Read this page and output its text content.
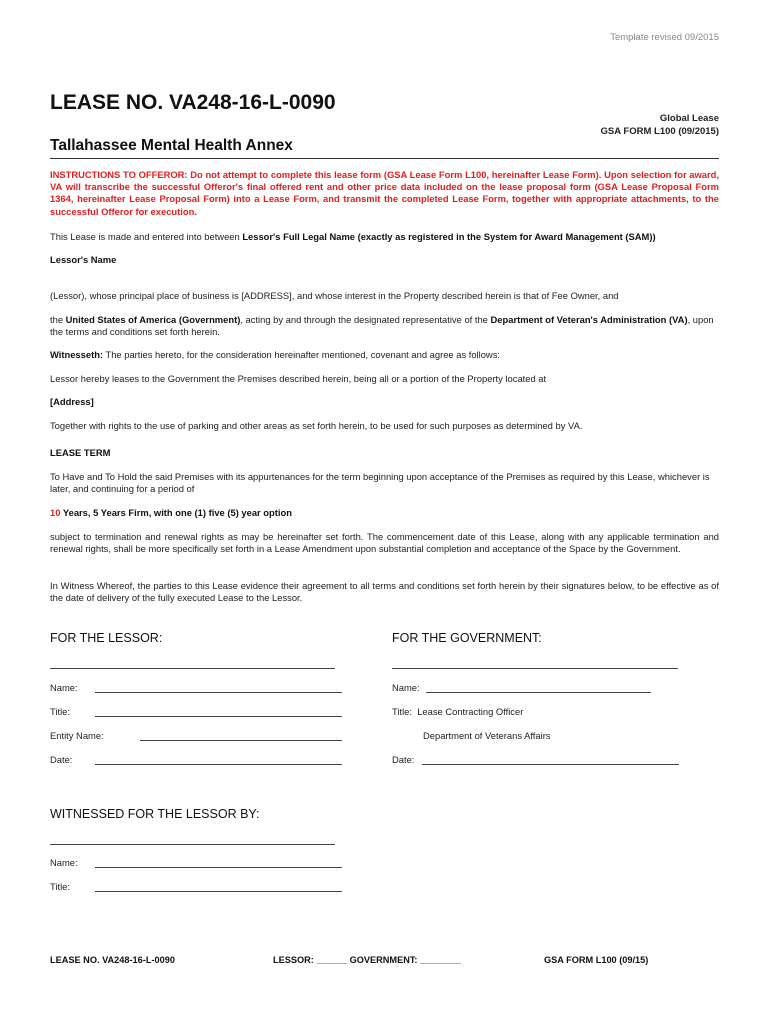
Template revised 09/2015
LEASE NO. VA248-16-L-0090
Global Lease
GSA FORM L100 (09/2015)
Tallahassee Mental Health Annex
INSTRUCTIONS TO OFFEROR: Do not attempt to complete this lease form (GSA Lease Form L100, hereinafter Lease Form). Upon selection for award, VA will transcribe the successful Offeror's final offered rent and other price data included on the lease proposal form (GSA Lease Proposal Form 1364, hereinafter Lease Proposal Form) into a Lease Form, and transmit the completed Lease Form, together with appropriate attachments, to the successful Offeror for execution.
This Lease is made and entered into between Lessor's Full Legal Name (exactly as registered in the System for Award Management (SAM))
Lessor's Name
(Lessor), whose principal place of business is [ADDRESS], and whose interest in the Property described herein is that of Fee Owner, and
the United States of America (Government), acting by and through the designated representative of the Department of Veteran's Administration (VA), upon the terms and conditions set forth herein.
Witnesseth: The parties hereto, for the consideration hereinafter mentioned, covenant and agree as follows:
Lessor hereby leases to the Government the Premises described herein, being all or a portion of the Property located at
[Address]
Together with rights to the use of parking and other areas as set forth herein, to be used for such purposes as determined by VA.
LEASE TERM
To Have and To Hold the said Premises with its appurtenances for the term beginning upon acceptance of the Premises as required by this Lease, whichever is later, and continuing for a period of
10 Years, 5 Years Firm, with one (1) five (5) year option
subject to termination and renewal rights as may be hereinafter set forth. The commencement date of this Lease, along with any applicable termination and renewal rights, shall be more specifically set forth in a Lease Amendment upon substantial completion and acceptance of the Space by the Government.
In Witness Whereof, the parties to this Lease evidence their agreement to all terms and conditions set forth herein by their signatures below, to be effective as of the date of delivery of the fully executed Lease to the Lessor.
FOR THE LESSOR:	FOR THE GOVERNMENT:
Name:	Name:
Title:	Title: Lease Contracting Officer
Entity Name:	Department of Veterans Affairs
Date:	Date:
WITNESSED FOR THE LESSOR BY:
Name:
Title:
LEASE NO. VA248-16-L-0090	LESSOR: ______ GOVERNMENT: ________	GSA FORM L100 (09/15)
